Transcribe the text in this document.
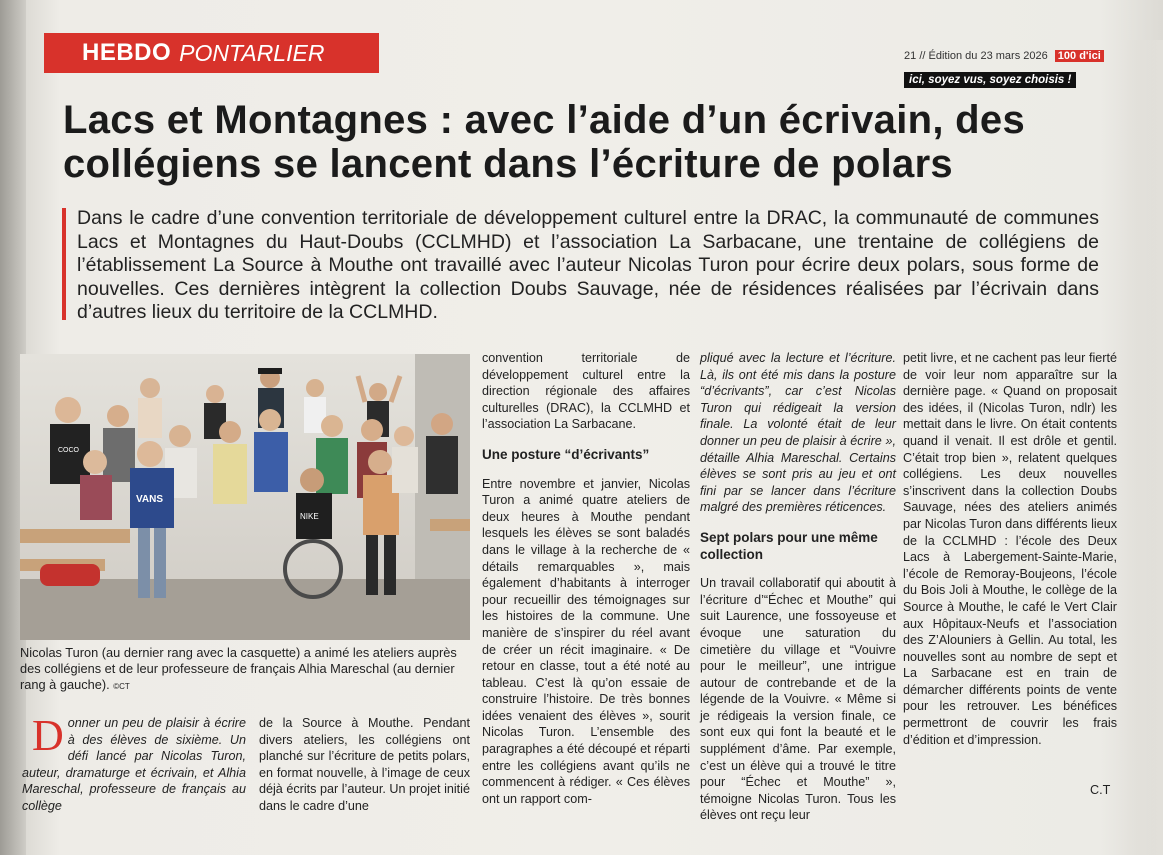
HEBDO PONTARLIER	21 // Édition du 23 mars 2026 100 d'ici
ici, soyez vus, soyez choisis !
Lacs et Montagnes : avec l’aide d’un écrivain, des collégiens se lancent dans l’écriture de polars

Dans le cadre d’une convention territoriale de développement culturel entre la DRAC, la communauté de communes Lacs et Montagnes du Haut-Doubs (CCLMHD) et l’association La Sarbacane, une trentaine de collégiens de l’établissement La Source à Mouthe ont travaillé avec l’auteur Nicolas Turon pour écrire deux polars, sous forme de nouvelles. Ces dernières intègrent la collection Doubs Sauvage, née de résidences réalisées par l’écrivain dans d’autres lieux du territoire de la CCLMHD.

COCO
VANS
NIKE

Nicolas Turon (au dernier rang avec la casquette) a animé les ateliers auprès des collégiens et de leur professeure de français Alhia Mareschal (au dernier rang à gauche). ©CT

Donner un peu de plaisir à écrire à des élèves de sixième. Un défi lancé par Nicolas Turon, auteur, dramaturge et écrivain, et Alhia Mareschal, professeure de français au collège

de la Source à Mouthe. Pendant divers ateliers, les collégiens ont planché sur l’écriture de petits polars, en format nouvelle, à l’image de ceux déjà écrits par l’auteur. Un projet initié dans le cadre d’une

convention territoriale de développement culturel entre la direction régionale des affaires culturelles (DRAC), la CCLMHD et l’association La Sarbacane.

Une posture “d’écrivants”

Entre novembre et janvier, Nicolas Turon a animé quatre ateliers de deux heures à Mouthe pendant lesquels les élèves se sont baladés dans le village à la recherche de « détails remarquables », mais également d’habitants à interroger pour recueillir des témoignages sur les histoires de la commune. Une manière de s’inspirer du réel avant de créer un récit imaginaire. « De retour en classe, tout a été noté au tableau. C’est là qu’on essaie de construire l’histoire. De très bonnes idées venaient des élèves », sourit Nicolas Turon. L’ensemble des paragraphes a été découpé et réparti entre les collégiens avant qu’ils ne commencent à rédiger. « Ces élèves ont un rapport com-

pliqué avec la lecture et l’écriture. Là, ils ont été mis dans la posture “d’écrivants”, car c’est Nicolas Turon qui rédigeait la version finale. La volonté était de leur donner un peu de plaisir à écrire », détaille Alhia Mareschal. Certains élèves se sont pris au jeu et ont fini par se lancer dans l’écriture malgré des premières réticences.

Sept polars pour une même collection

Un travail collaboratif qui aboutit à l’écriture d’“Échec et Mouthe” qui suit Laurence, une fossoyeuse et évoque une saturation du cimetière du village et “Vouivre pour le meilleur”, une intrigue autour de contrebande et de la légende de la Vouivre. « Même si je rédigeais la version finale, ce sont eux qui font la beauté et le supplément d’âme. Par exemple, c’est un élève qui a trouvé le titre pour “Échec et Mouthe” », témoigne Nicolas Turon. Tous les élèves ont reçu leur

petit livre, et ne cachent pas leur fierté de voir leur nom apparaître sur la dernière page. « Quand on proposait des idées, il (Nicolas Turon, ndlr) les mettait dans le livre. On était contents quand il venait. Il est drôle et gentil. C’était trop bien », relatent quelques collégiens. Les deux nouvelles s’inscrivent dans la collection Doubs Sauvage, nées des ateliers animés par Nicolas Turon dans différents lieux de la CCLMHD : l’école des Deux Lacs à Labergement-Sainte-Marie, l’école de Remoray-Boujeons, l’école du Bois Joli à Mouthe, le collège de la Source à Mouthe, le café le Vert Clair aux Hôpitaux-Neufs et l’association des Z’Alouniers à Gellin. Au total, les nouvelles sont au nombre de sept et La Sarbacane est en train de démarcher différents points de vente pour les retrouver. Les bénéfices permettront de couvrir les frais d’édition et d’impression.

C.T
